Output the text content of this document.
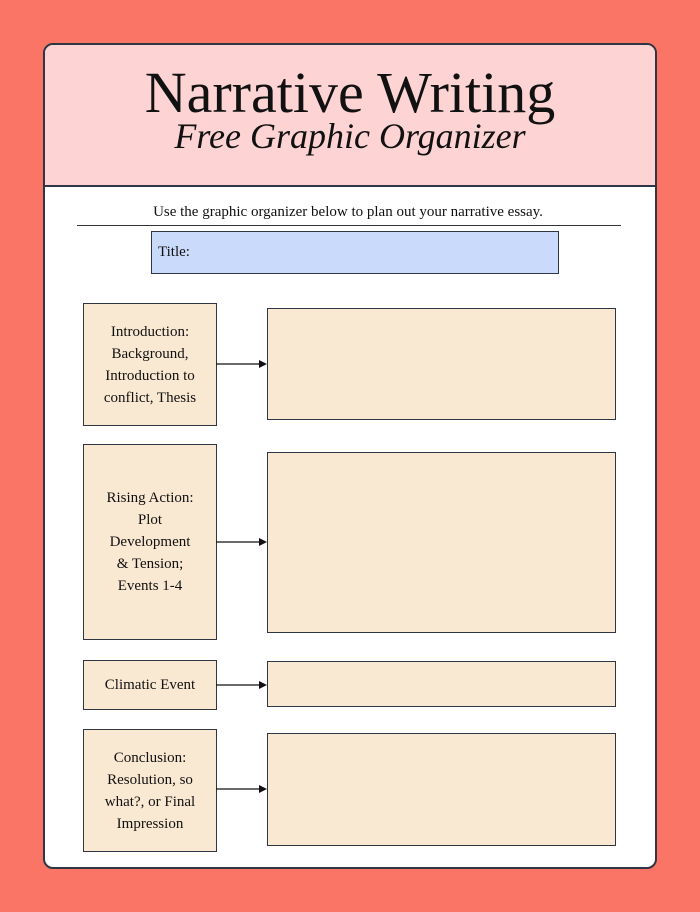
Narrative Writing
Free Graphic Organizer
Use the graphic organizer below to plan out your narrative essay.
Title:
Introduction:
Background,
Introduction to
conflict, Thesis
Rising Action:
Plot
Development
& Tension;
Events 1-4
Climatic Event
Conclusion:
Resolution, so
what?, or Final
Impression
